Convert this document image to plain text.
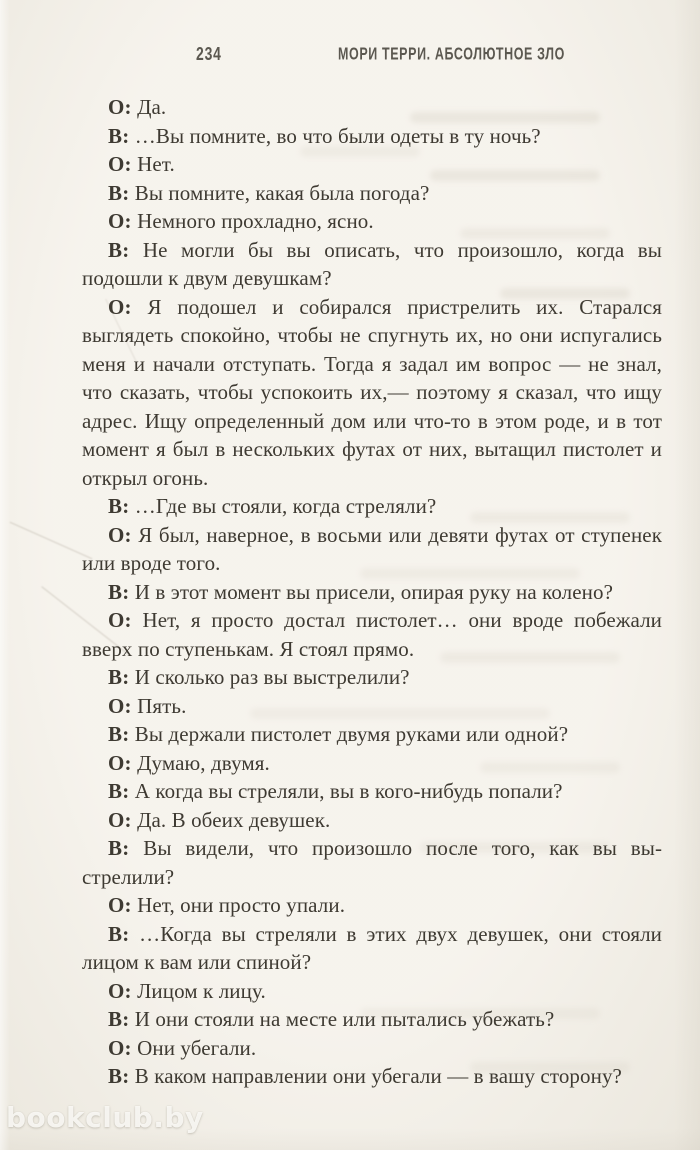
234	МОРИ ТЕРРИ. АБСОЛЮТНОЕ ЗЛО

О: Да.

В: …Вы помните, во что были одеты в ту ночь?

О: Нет.

В: Вы помните, какая была погода?

О: Немного прохладно, ясно.

В: Не могли бы вы описать, что произошло, когда вы подошли к двум девушкам?

О: Я подошел и собирался пристрелить их. Старался выглядеть спокойно, чтобы не спугнуть их, но они испугались меня и начали отступать. Тогда я задал им вопрос — не знал, что сказать, чтобы успокоить их,— поэтому я сказал, что ищу адрес. Ищу определенный дом или что-то в этом роде, и в тот момент я был в нескольких футах от них, вытащил пистолет и открыл огонь.

В: …Где вы стояли, когда стреляли?

О: Я был, наверное, в восьми или девяти футах от ступенек или вроде того.

В: И в этот момент вы присели, опирая руку на колено?

О: Нет, я просто достал пистолет… они вроде побежали вверх по ступенькам. Я стоял прямо.

В: И сколько раз вы выстрелили?

О: Пять.

В: Вы держали пистолет двумя руками или одной?

О: Думаю, двумя.

В: А когда вы стреляли, вы в кого-нибудь попали?

О: Да. В обеих девушек.

В: Вы видели, что произошло после того, как вы выстрелили?

О: Нет, они просто упали.

В: …Когда вы стреляли в этих двух девушек, они стояли лицом к вам или спиной?

О: Лицом к лицу.

В: И они стояли на месте или пытались убежать?

О: Они убегали.

В: В каком направлении они убегали — в вашу сторону?

bookclub.by
